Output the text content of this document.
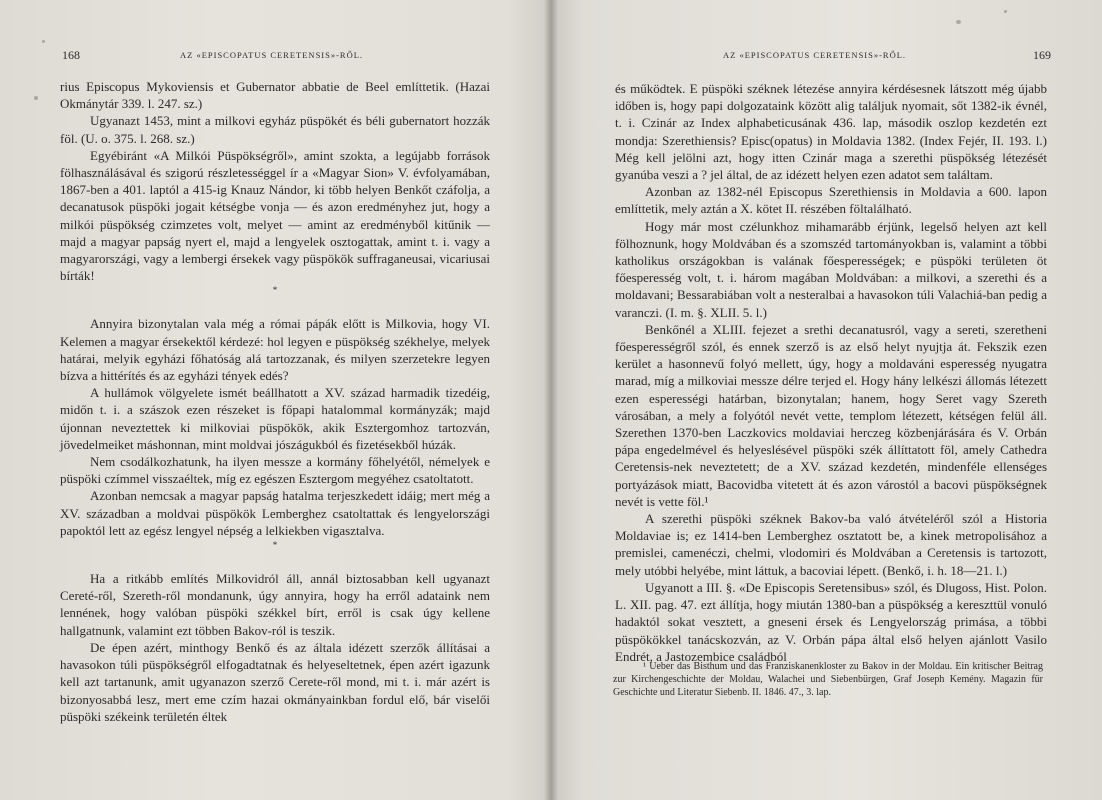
168	AZ «EPISCOPATUS CERETENSIS»-RŐL.

rius Episcopus Mykoviensis et Gubernator abbatie de Beel említtetik. (Hazai Okmánytár 339. l. 247. sz.)

Ugyanazt 1453, mint a milkovi egyház püspökét és béli gubernatort hozzák föl. (U. o. 375. l. 268. sz.)

Egyébiránt «A Milkói Püspökségről», amint szokta, a legújabb források fölhasználásával és szigorú részletességgel ír a «Magyar Sion» V. évfolyamában, 1867-ben a 401. laptól a 415-ig Knauz Nándor, ki több helyen Benkőt czáfolja, a decanatusok püspöki jogait kétségbe vonja — és azon eredményhez jut, hogy a milkói püspökség czimzetes volt, melyet — amint az eredményből kitűnik — majd a magyar papság nyert el, majd a lengyelek osztogattak, amint t. i. vagy a magyarországi, vagy a lembergi érsekek vagy püspökök suffraganeusai, vicariusai bírták!

*

Annyira bizonytalan vala még a római pápák előtt is Milkovia, hogy VI. Kelemen a magyar érsekektől kérdezé: hol legyen e püspökség székhelye, melyek határai, melyik egyházi főhatóság alá tartozzanak, és milyen szerzetekre legyen bízva a hittérítés és az egyházi tények edés?

A hullámok völgyelete ismét beállhatott a XV. század harmadik tizedéig, midőn t. i. a szászok ezen részeket is főpapi hatalommal kormányzák; majd újonnan neveztettek ki milkoviai püspökök, akik Esztergomhoz tartozván, jövedelmeiket máshonnan, mint moldvai jószágukból és fizetésekből húzák.

Nem csodálkozhatunk, ha ilyen messze a kormány főhelyétől, némelyek e püspöki czímmel visszaéltek, míg ez egészen Esztergom megyéhez csatoltatott.

Azonban nemcsak a magyar papság hatalma terjeszkedett idáig; mert még a XV. században a moldvai püspökök Lemberghez csatoltattak és lengyelországi papoktól lett az egész lengyel népség a lelkiekben vigasztalva.

*

Ha a ritkább említés Milkovidról áll, annál biztosabban kell ugyanazt Cereté-ről, Szereth-ről mondanunk, úgy annyira, hogy ha erről adataink nem lennének, hogy valóban püspöki székkel bírt, erről is csak úgy kellene hallgatnunk, valamint ezt többen Bakov-ról is teszik.

De épen azért, minthogy Benkő és az általa idézett szerzők állításai a havasokon túli püspökségről elfogadtatnak és helyeseltetnek, épen azért igazunk kell azt tartanunk, amit ugyanazon szerző Cerete-ről mond, mi t. i. már azért is bizonyosabbá lesz, mert eme czím hazai okmányainkban fordul elő, bár viselői püspöki székeink területén éltek

AZ «EPISCOPATUS CERETENSIS»-RŐL.	169

és működtek. E püspöki széknek létezése annyira kérdésesnek látszott még újabb időben is, hogy papi dolgozataink között alig találjuk nyomait, sőt 1382-ik évnél, t. i. Czinár az Index alphabeticusának 436. lap, második oszlop kezdetén ezt mondja: Szerethiensis? Episc(opatus) in Moldavia 1382. (Index Fejér, II. 193. l.) Még kell jelölni azt, hogy itten Czinár maga a szerethi püspökség létezését gyanúba veszi a ? jel által, de az idézett helyen ezen adatot sem találtam.

Azonban az 1382-nél Episcopus Szerethiensis in Moldavia a 600. lapon említtetik, mely aztán a X. kötet II. részében föltalálható.

Hogy már most czélunkhoz mihamarább érjünk, legelső helyen azt kell fölhoznunk, hogy Moldvában és a szomszéd tartományokban is, valamint a többi katholikus országokban is valának főesperességek; e püspöki területen öt főesperesség volt, t. i. három magában Moldvában: a milkovi, a szerethi és a moldavani; Bessarabiában volt a nesteralbai a havasokon túli Valachiá-ban pedig a varanczi. (I. m. §. XLII. 5. l.)

Benkőnél a XLIII. fejezet a srethi decanatusról, vagy a sereti, szeretheni főesperességről szól, és ennek szerző is az első helyt nyujtja át. Fekszik ezen kerület a hasonnevű folyó mellett, úgy, hogy a moldaváni esperesség nyugatra marad, míg a milkoviai messze délre terjed el. Hogy hány lelkészi állomás létezett ezen esperességi határban, bizonytalan; hanem, hogy Seret vagy Szereth városában, a mely a folyótól nevét vette, templom létezett, kétségen felül áll. Szerethen 1370-ben Laczkovics moldaviai herczeg közbenjárására és V. Orbán pápa engedelmével és helyeslésével püspöki szék állíttatott föl, amely Cathedra Ceretensis-nek neveztetett; de a XV. század kezdetén, mindenféle ellenséges portyázások miatt, Bacovidba vitetett át és azon várostól a bacovi püspökségnek nevét is vette föl.¹

A szerethi püspöki széknek Bakov-ba való átvételéről szól a Historia Moldaviae is; ez 1414-ben Lemberghez osztatott be, a kinek metropolisához a premislei, camenéczi, chelmi, vlodomiri és Moldvában a Ceretensis is tartozott, mely utóbbi helyébe, mint láttuk, a bacoviai lépett. (Benkő, i. h. 18—21. l.)

Ugyanott a III. §. «De Episcopis Seretensibus» szól, és Dlugoss, Hist. Polon. L. XII. pag. 47. ezt állítja, hogy miután 1380-ban a püspökség a kereszttül vonuló hadaktól sokat vesztett, a gneseni érsek és Lengyelország primása, a többi püspökökkel tanácskozván, az V. Orbán pápa által első helyen ajánlott Vasilo Endrét, a Jastozembice családból

¹ Ueber das Bisthum und das Franziskanenkloster zu Bakov in der Moldau. Ein kritischer Beitrag zur Kirchengeschichte der Moldau, Walachei und Siebenbürgen, Graf Joseph Kemény. Magazin für Geschichte und Literatur Siebenb. II. 1846. 47., 3. lap.
